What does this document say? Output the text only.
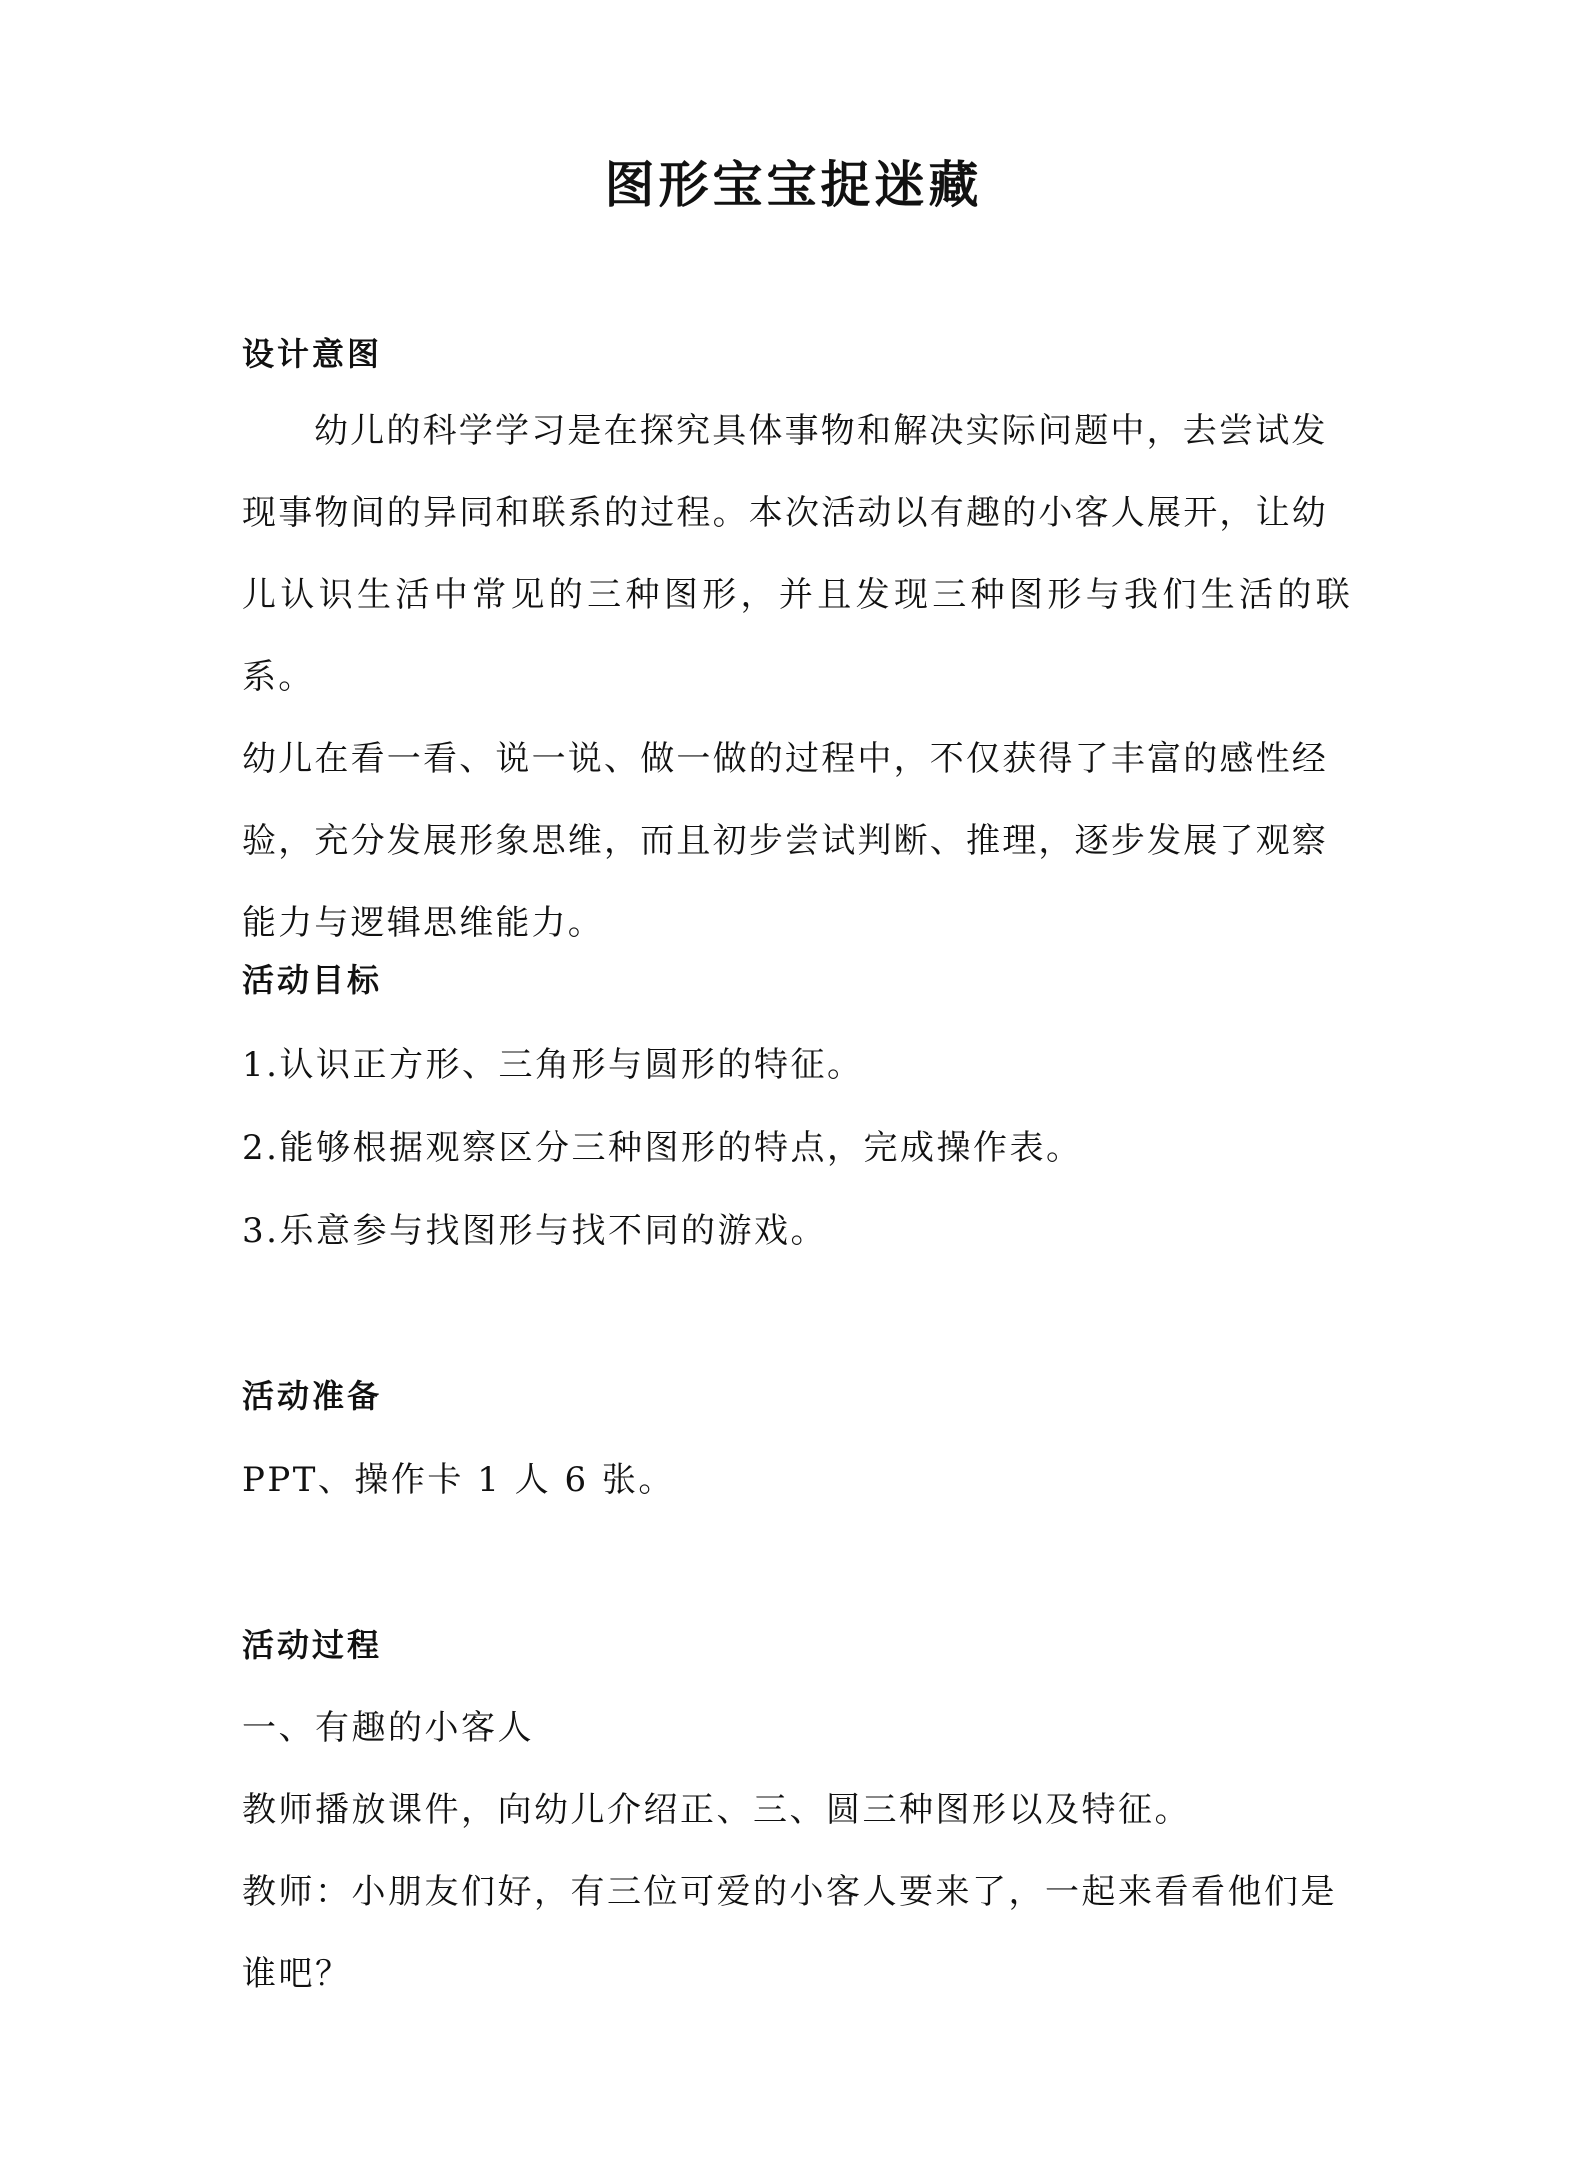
图形宝宝捉迷藏
设计意图

幼儿的科学学习是在探究具体事物和解决实际问题中，去尝试发

现事物间的异同和联系的过程。本次活动以有趣的小客人展开，让幼

儿认识生活中常见的三种图形，并且发现三种图形与我们生活的联系。

幼儿在看一看、说一说、做一做的过程中，不仅获得了丰富的感性经

验，充分发展形象思维，而且初步尝试判断、推理，逐步发展了观察

能力与逻辑思维能力。

活动目标

1.认识正方形、三角形与圆形的特征。

2.能够根据观察区分三种图形的特点，完成操作表。

3.乐意参与找图形与找不同的游戏。

活动准备

PPT、操作卡 1 人 6 张。

活动过程

一、有趣的小客人

教师播放课件，向幼儿介绍正、三、圆三种图形以及特征。

教师：小朋友们好，有三位可爱的小客人要来了，一起来看看他们是

谁吧？
